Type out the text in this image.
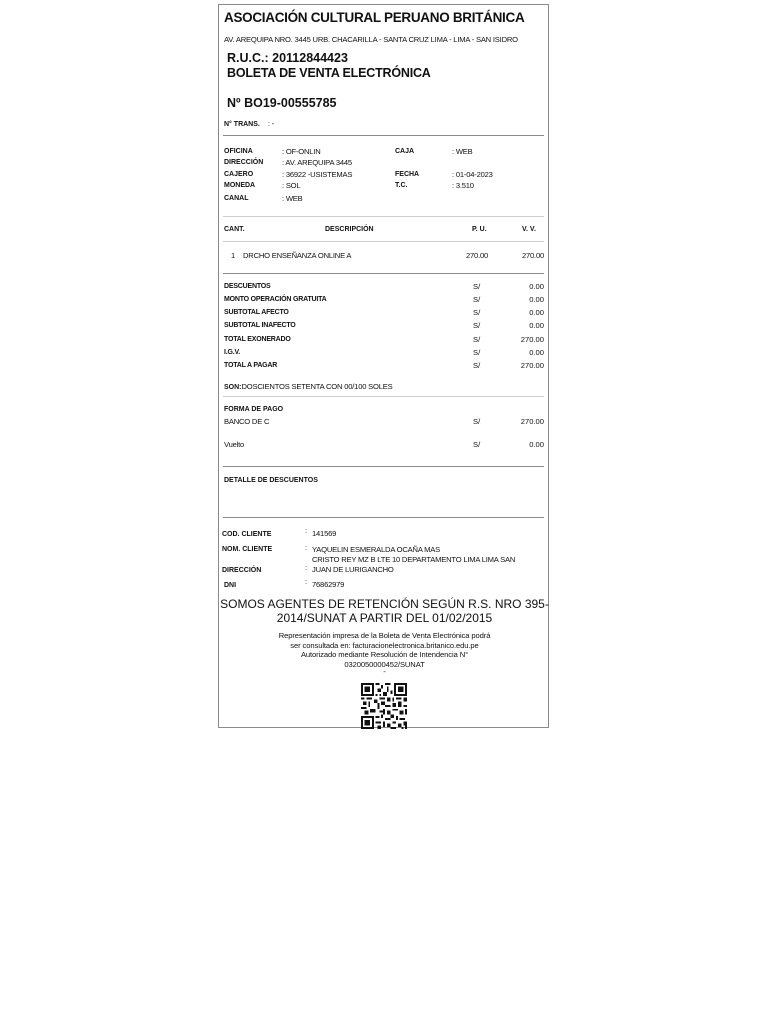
ASOCIACIÓN CULTURAL PERUANO BRITÁNICA
AV. AREQUIPA NRO. 3445 URB. CHACARILLA - SANTA CRUZ LIMA - LIMA - SAN ISIDRO
R.U.C.: 20112844423
BOLETA DE VENTA ELECTRÓNICA
Nº BO19-00555785
N° TRANS. : -
OFICINA	: OF-ONLIN
DIRECCIÓN : AV. AREQUIPA 3445
CAJERO	: 36922 -USISTEMAS
MONEDA	: SOL
CANAL	: WEB
CAJA	: WEB
FECHA	: 01-04-2023
T.C.	: 3.510
CANT.	DESCRIPCIÓN	P. U.	V. V.
1 DRCHO ENSEÑANZA ONLINE A	270.00	270.00
DESCUENTOS	S/	0.00
MONTO OPERACIÓN GRATUITA	S/	0.00
SUBTOTAL AFECTO	S/	0.00
SUBTOTAL INAFECTO	S/	0.00
TOTAL EXONERADO	S/	270.00
I.G.V.	S/	0.00
TOTAL A PAGAR	S/	270.00
SON:DOSCIENTOS SETENTA CON 00/100 SOLES
FORMA DE PAGO
BANCO DE C	S/	270.00
Vuelto	S/	0.00
DETALLE DE DESCUENTOS
COD. CLIENTE	: 141569
NOM. CLIENTE	: YAQUELIN ESMERALDA OCAÑA MAS
CRISTO REY MZ B LTE 10 DEPARTAMENTO LIMA LIMA SAN
DIRECCIÓN	: JUAN DE LURIGANCHO
DNI	: 76862979
SOMOS AGENTES DE RETENCIÓN SEGÚN R.S. NRO 395-2014/SUNAT A PARTIR DEL 01/02/2015
Representación impresa de la Boleta de Venta Electrónica podrá
ser consultada en: facturacionelectronica.britanico.edu.pe
Autorizado mediante Resolución de Intendencia N°
0320050000452/SUNAT
-
